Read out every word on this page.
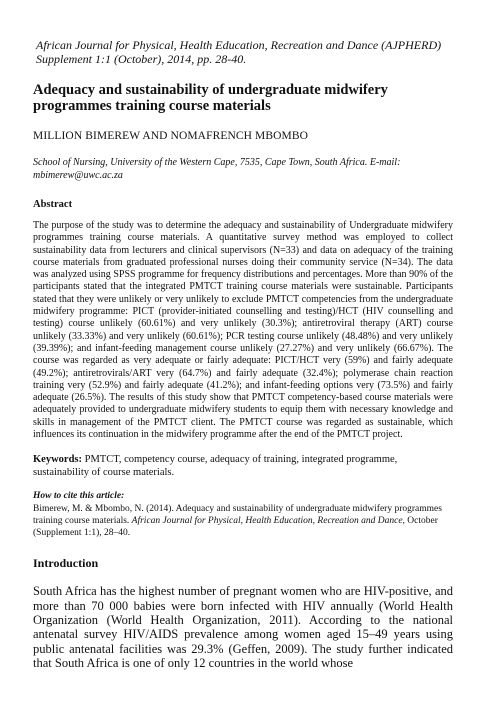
African Journal for Physical, Health Education, Recreation and Dance (AJPHERD) Supplement 1:1 (October), 2014, pp. 28-40.

Adequacy and sustainability of undergraduate midwifery programmes training course materials

MILLION BIMEREW AND NOMAFRENCH MBOMBO

School of Nursing, University of the Western Cape, 7535, Cape Town, South Africa. E-mail: mbimerew@uwc.ac.za

Abstract

The purpose of the study was to determine the adequacy and sustainability of Undergraduate midwifery programmes training course materials. A quantitative survey method was employed to collect sustainability data from lecturers and clinical supervisors (N=33) and data on adequacy of the training course materials from graduated professional nurses doing their community service (N=34). The data was analyzed using SPSS programme for frequency distributions and percentages. More than 90% of the participants stated that the integrated PMTCT training course materials were sustainable. Participants stated that they were unlikely or very unlikely to exclude PMTCT competencies from the undergraduate midwifery programme: PICT (provider-initiated counselling and testing)/HCT (HIV counselling and testing) course unlikely (60.61%) and very unlikely (30.3%); antiretroviral therapy (ART) course unlikely (33.33%) and very unlikely (60.61%); PCR testing course unlikely (48.48%) and very unlikely (39.39%); and infant-feeding management course unlikely (27.27%) and very unlikely (66.67%). The course was regarded as very adequate or fairly adequate: PICT/HCT very (59%) and fairly adequate (49.2%); antiretrovirals/ART very (64.7%) and fairly adequate (32.4%); polymerase chain reaction training very (52.9%) and fairly adequate (41.2%); and infant-feeding options very (73.5%) and fairly adequate (26.5%). The results of this study show that PMTCT competency-based course materials were adequately provided to undergraduate midwifery students to equip them with necessary knowledge and skills in management of the PMTCT client. The PMTCT course was regarded as sustainable, which influences its continuation in the midwifery programme after the end of the PMTCT project.

Keywords: PMTCT, competency course, adequacy of training, integrated programme, sustainability of course materials.

How to cite this article:

Bimerew, M. & Mbombo, N. (2014). Adequacy and sustainability of undergraduate midwifery programmes training course materials. African Journal for Physical, Health Education, Recreation and Dance, October (Supplement 1:1), 28–40.

Introduction

South Africa has the highest number of pregnant women who are HIV-positive, and more than 70 000 babies were born infected with HIV annually (World Health Organization (World Health Organization, 2011). According to the national antenatal survey HIV/AIDS prevalence among women aged 15–49 years using public antenatal facilities was 29.3% (Geffen, 2009). The study further indicated that South Africa is one of only 12 countries in the world whose
